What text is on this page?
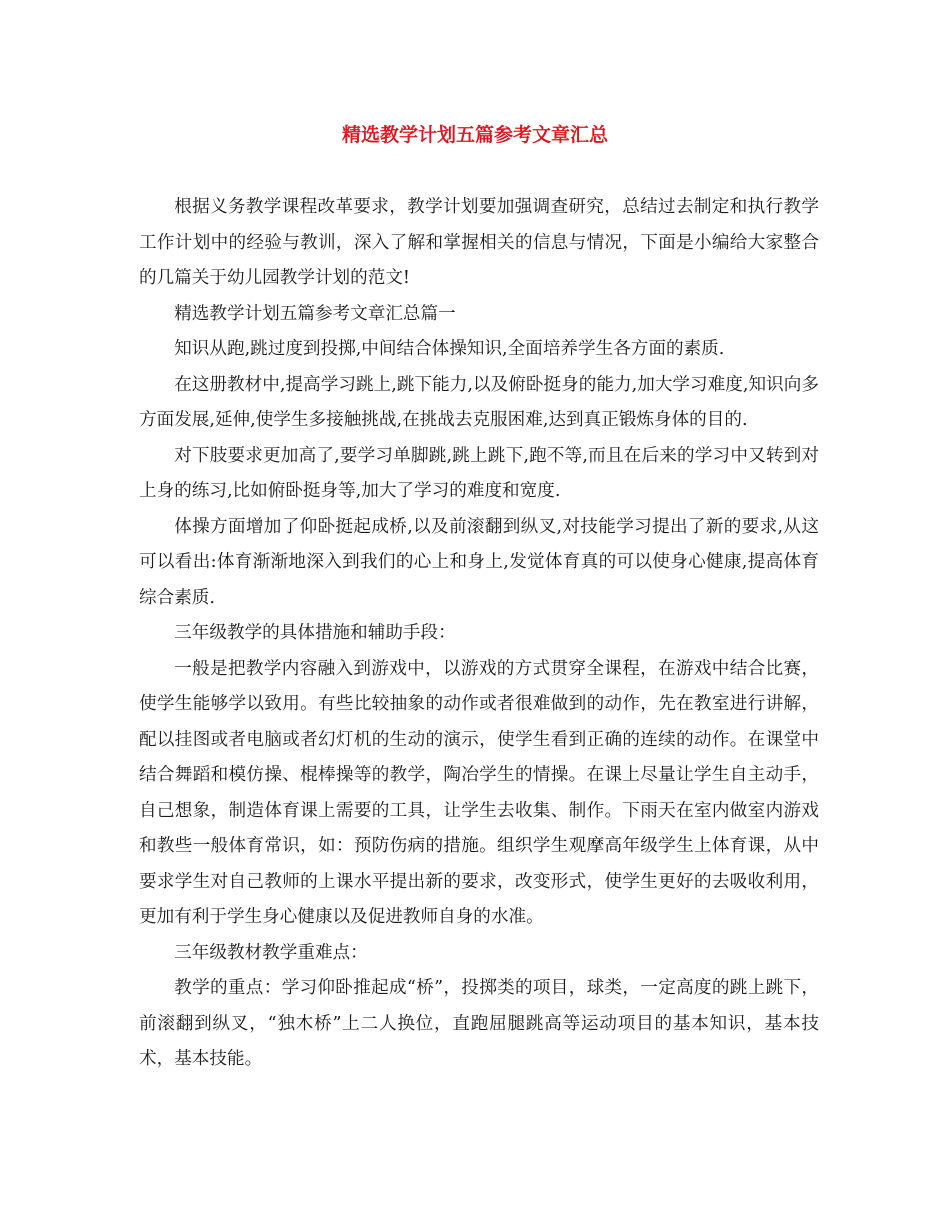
精选教学计划五篇参考文章汇总

根据义务教学课程改革要求，教学计划要加强调查研究，总结过去制定和执行教学工作计划中的经验与教训，深入了解和掌握相关的信息与情况，下面是小编给大家整合的几篇关于幼儿园教学计划的范文!

精选教学计划五篇参考文章汇总篇一

知识从跑,跳过度到投掷,中间结合体操知识,全面培养学生各方面的素质.

在这册教材中,提高学习跳上,跳下能力,以及俯卧挺身的能力,加大学习难度,知识向多方面发展,延伸,使学生多接触挑战,在挑战去克服困难,达到真正锻炼身体的目的.

对下肢要求更加高了,要学习单脚跳,跳上跳下,跑不等,而且在后来的学习中又转到对上身的练习,比如俯卧挺身等,加大了学习的难度和宽度.

体操方面增加了仰卧挺起成桥,以及前滚翻到纵叉,对技能学习提出了新的要求,从这可以看出:体育渐渐地深入到我们的心上和身上,发觉体育真的可以使身心健康,提高体育综合素质.

三年级教学的具体措施和辅助手段：

一般是把教学内容融入到游戏中，以游戏的方式贯穿全课程，在游戏中结合比赛，使学生能够学以致用。有些比较抽象的动作或者很难做到的动作，先在教室进行讲解，配以挂图或者电脑或者幻灯机的生动的演示，使学生看到正确的连续的动作。在课堂中结合舞蹈和模仿操、棍棒操等的教学，陶冶学生的情操。在课上尽量让学生自主动手，自己想象，制造体育课上需要的工具，让学生去收集、制作。下雨天在室内做室内游戏和教些一般体育常识，如：预防伤病的措施。组织学生观摩高年级学生上体育课，从中要求学生对自己教师的上课水平提出新的要求，改变形式，使学生更好的去吸收利用，更加有利于学生身心健康以及促进教师自身的水准。

三年级教材教学重难点：

教学的重点：学习仰卧推起成“桥”，投掷类的项目，球类，一定高度的跳上跳下，前滚翻到纵叉，“独木桥”上二人换位，直跑屈腿跳高等运动项目的基本知识，基本技术，基本技能。
